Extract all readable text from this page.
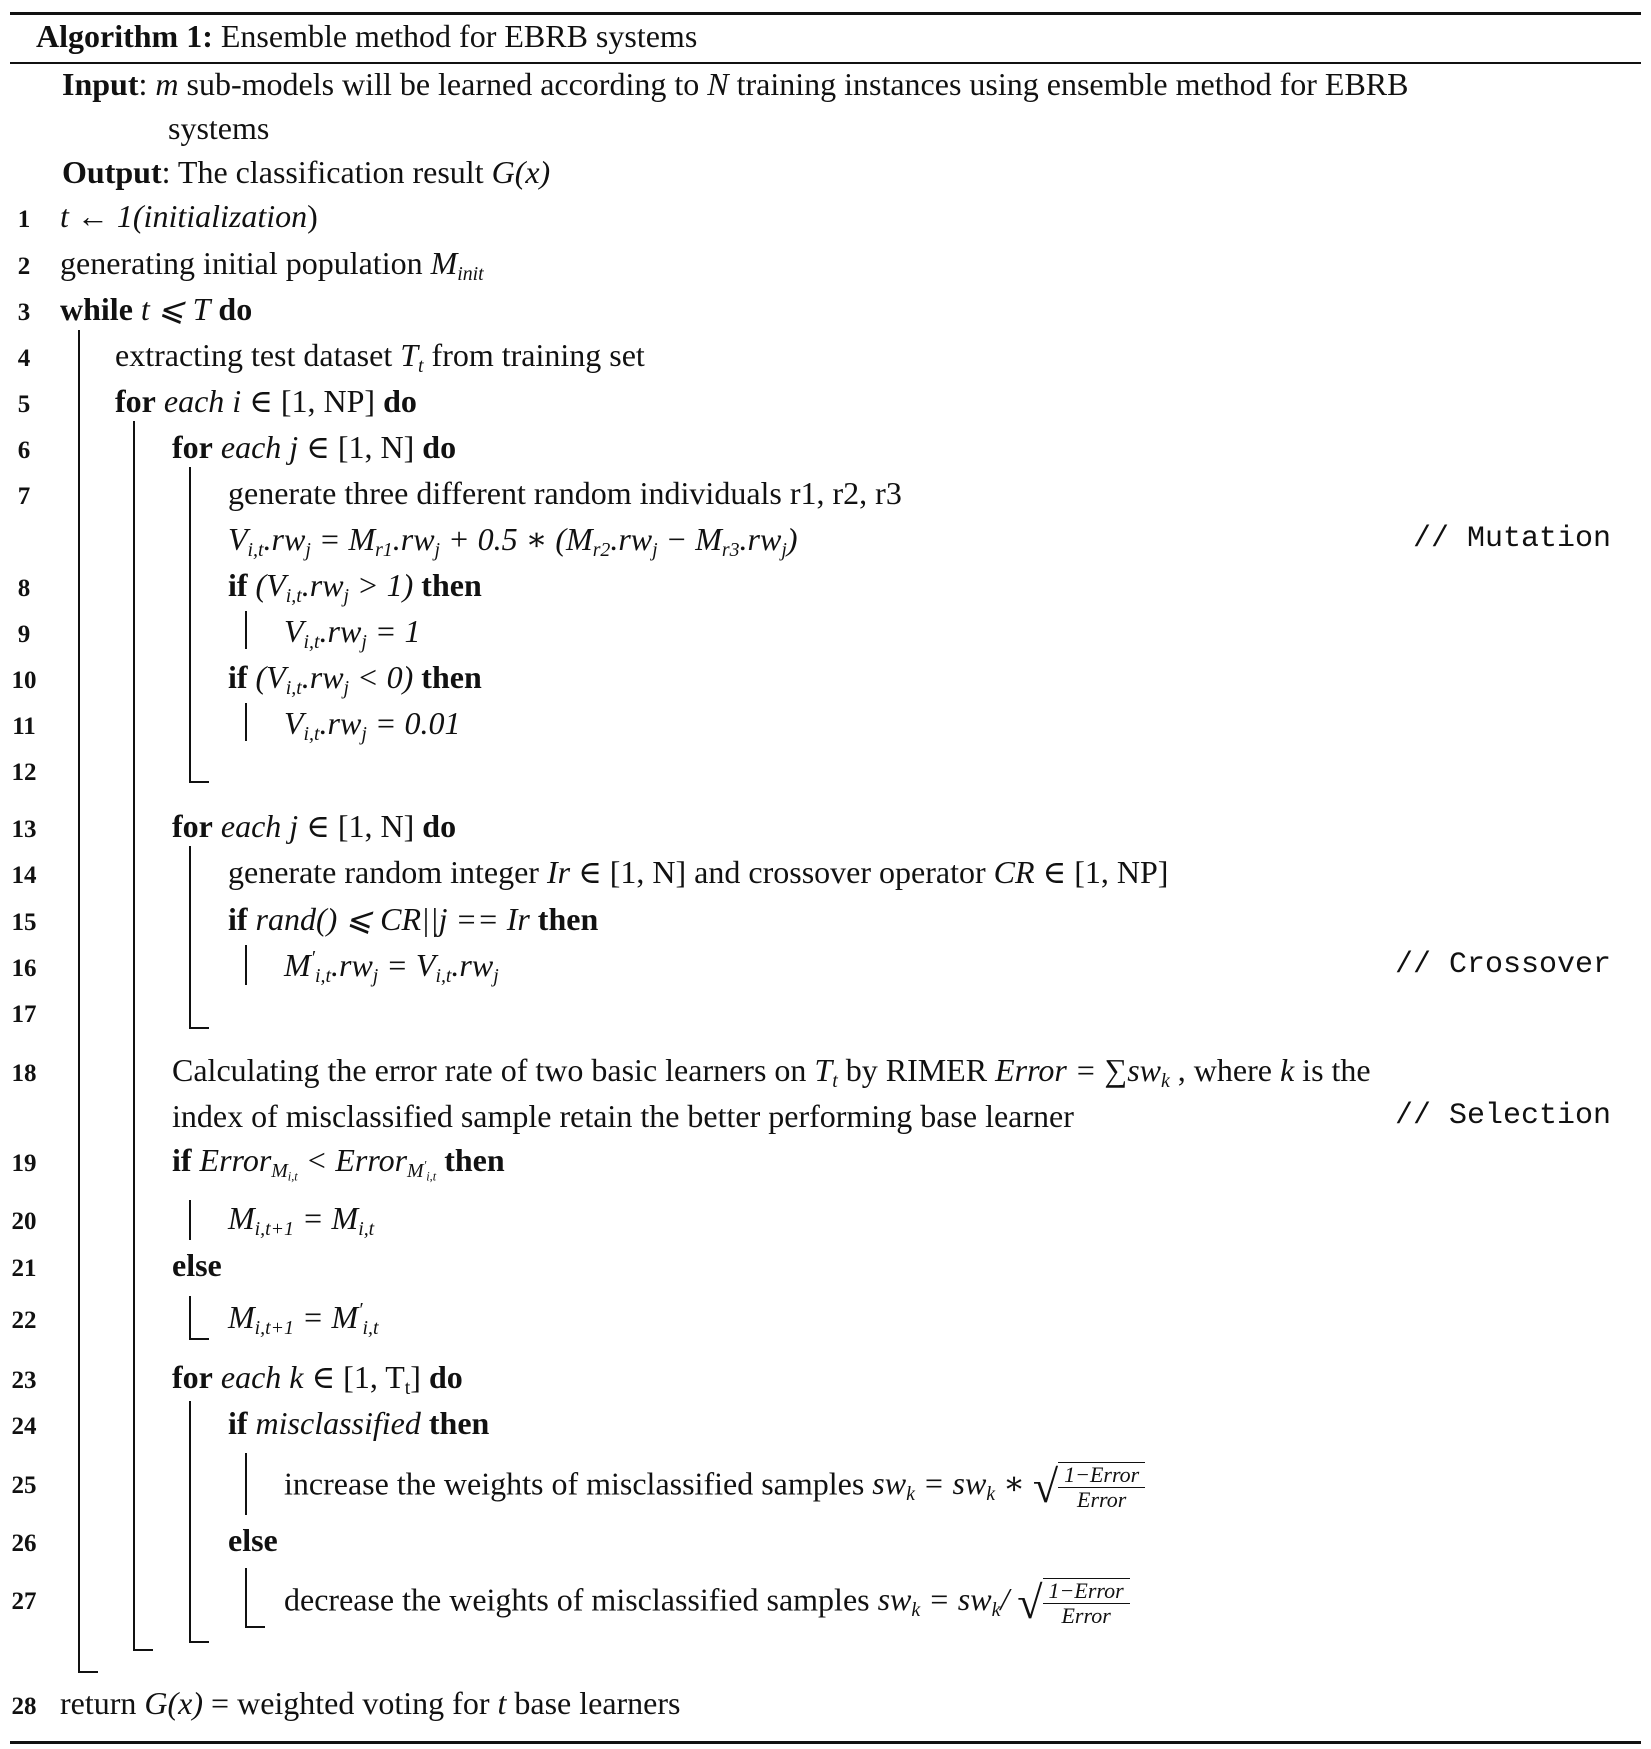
Algorithm 1: Ensemble method for EBRB systems
Input: m sub-models will be learned according to N training instances using ensemble method for EBRB
systems
Output: The classification result G(x)
1
2
3
4
5
6
7
8
9
10
11
12
13
14
15
16
17
18
19
20
21
22
23
24
25
26
27
28
t ← 1(initialization)
generating initial population $M_{init}$
while t ⩽ T do
extracting test dataset $T_t$ from training set
for each i ∈ [1, NP] do
for each j ∈ [1, N] do
generate three different random individuals r1, r2, r3
$V_{i,t}.rw_j = M_{r1}.rw_j + 0.5$ ∗ $(M_{r2}.rw_j - M_{r3}.rw_j)$	// Mutation
if $(V_{i,t}.rw_j > 1)$ then
$V_{i,t}.rw_j = 1$
if $(V_{i,t}.rw_j < 0)$ then
$V_{i,t}.rw_j = 0.01$
for each j ∈ [1, N] do
generate random integer Ir ∈ [1, N] and crossover operator CR ∈ [1, NP]
if rand() ⩽ CR||j == Ir then
$M'_{i,t}.rw_j = V_{i,t}.rw_j$	// Crossover
Calculating the error rate of two basic learners on $T_t$ by RIMER Error = $\sum sw_k$ , where k is the
index of misclassified sample retain the better performing base learner	// Selection
if Error$_{M_{i,t}}$ < Error$_{M'_{i,t}}$ then
$M_{i,t+1} = M_{i,t}$
else
$M_{i,t+1} = M'_{i,t}$
for each k ∈ [1, $T_t$] do
if misclassified then
increase the weights of misclassified samples $sw_k = sw_k$ ∗ √ $\frac{\text{1−Error}}{\text{Error}}$
else
decrease the weights of misclassified samples $sw_k = sw_k/$ √ $\frac{\text{1−Error}}{\text{Error}}$
return G(x) = weighted voting for t base learners
